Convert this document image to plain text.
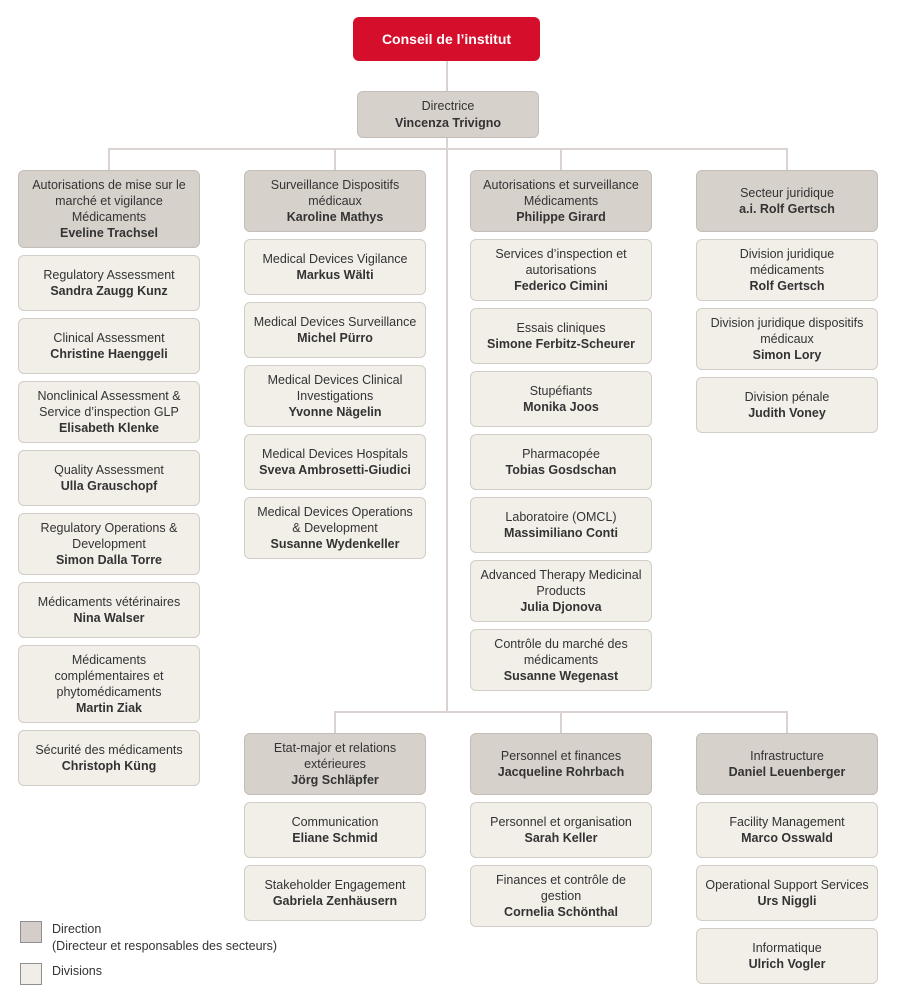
Conseil de l’institut
Directrice
Vincenza Trivigno
Autorisations de mise sur le marché et vigilance Médicaments
Eveline Trachsel
Regulatory Assessment
Sandra Zaugg Kunz
Clinical Assessment
Christine Haenggeli
Nonclinical Assessment & Service d’inspection GLP
Elisabeth Klenke
Quality Assessment
Ulla Grauschopf
Regulatory Operations & Development
Simon Dalla Torre
Médicaments vétérinaires
Nina Walser
Médicaments complémentaires et phytomédicaments
Martin Ziak
Sécurité des médicaments
Christoph Küng
Surveillance Dispositifs médicaux
Karoline Mathys
Medical Devices Vigilance
Markus Wälti
Medical Devices Surveillance
Michel Pürro
Medical Devices Clinical Investigations
Yvonne Nägelin
Medical Devices Hospitals
Sveva Ambrosetti-Giudici
Medical Devices Operations & Development
Susanne Wydenkeller
Autorisations et surveillance Médicaments
Philippe Girard
Services d’inspection et autorisations
Federico Cimini
Essais cliniques
Simone Ferbitz-Scheurer
Stupéfiants
Monika Joos
Pharmacopée
Tobias Gosdschan
Laboratoire (OMCL)
Massimiliano Conti
Advanced Therapy Medicinal Products
Julia Djonova
Contrôle du marché des médicaments
Susanne Wegenast
Secteur juridique
a.i. Rolf Gertsch
Division juridique médicaments
Rolf Gertsch
Division juridique dispositifs médicaux
Simon Lory
Division pénale
Judith Voney
Etat-major et relations extérieures
Jörg Schläpfer
Communication
Eliane Schmid
Stakeholder Engagement
Gabriela Zenhäusern
Personnel et finances
Jacqueline Rohrbach
Personnel et organisation
Sarah Keller
Finances et contrôle de gestion
Cornelia Schönthal
Infrastructure
Daniel Leuenberger
Facility Management
Marco Osswald
Operational Support Services
Urs Niggli
Informatique
Ulrich Vogler
Direction
(Directeur et responsables des secteurs)
Divisions
